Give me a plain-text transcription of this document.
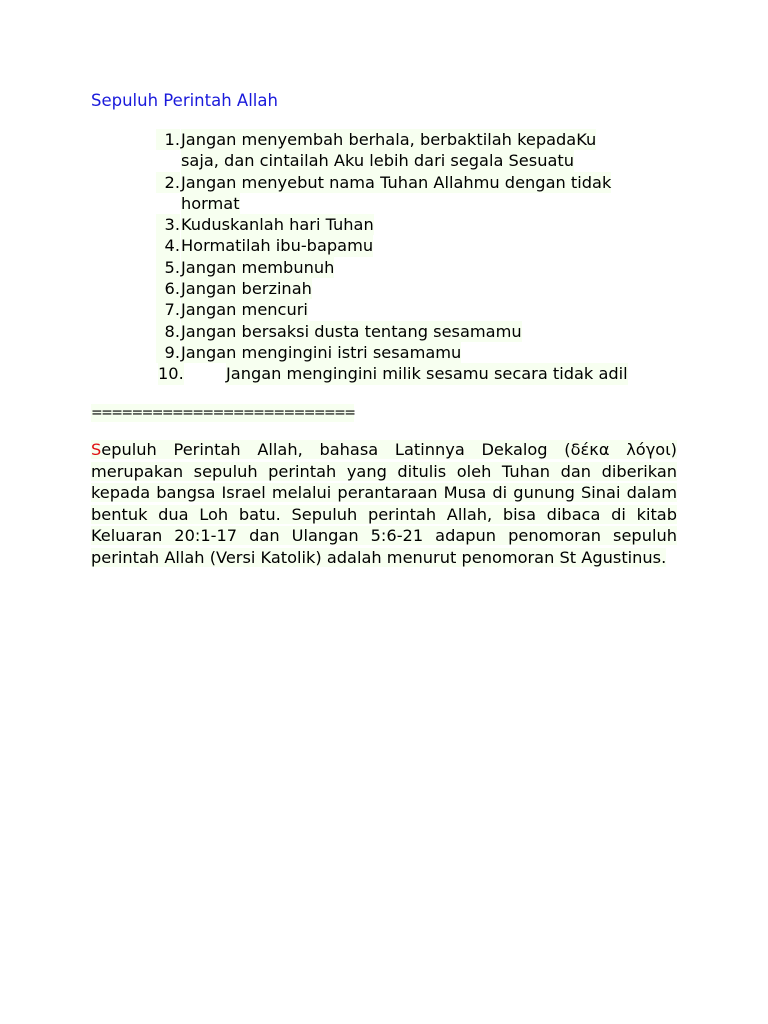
Sepuluh Perintah Allah
1. Jangan menyembah berhala, berbaktilah kepadaKu
saja, dan cintailah Aku lebih dari segala Sesuatu
2. Jangan menyebut nama Tuhan Allahmu dengan tidak
hormat
3. Kuduskanlah hari Tuhan
4. Hormatilah ibu-bapamu
5. Jangan membunuh
6. Jangan berzinah
7. Jangan mencuri
8. Jangan bersaksi dusta tentang sesamamu
9. Jangan mengingini istri sesamamu
10.	Jangan mengingini milik sesamu secara tidak adil
==========================

Sepuluh Perintah Allah, bahasa Latinnya Dekalog (δέκα λόγοι) merupakan sepuluh perintah yang ditulis oleh Tuhan dan diberikan kepada bangsa Israel melalui perantaraan Musa di gunung Sinai dalam bentuk dua Loh batu. Sepuluh perintah Allah, bisa dibaca di kitab Keluaran 20:1-17 dan Ulangan 5:6-21 adapun penomoran sepuluh perintah Allah (Versi Katolik) adalah menurut penomoran St Agustinus.
